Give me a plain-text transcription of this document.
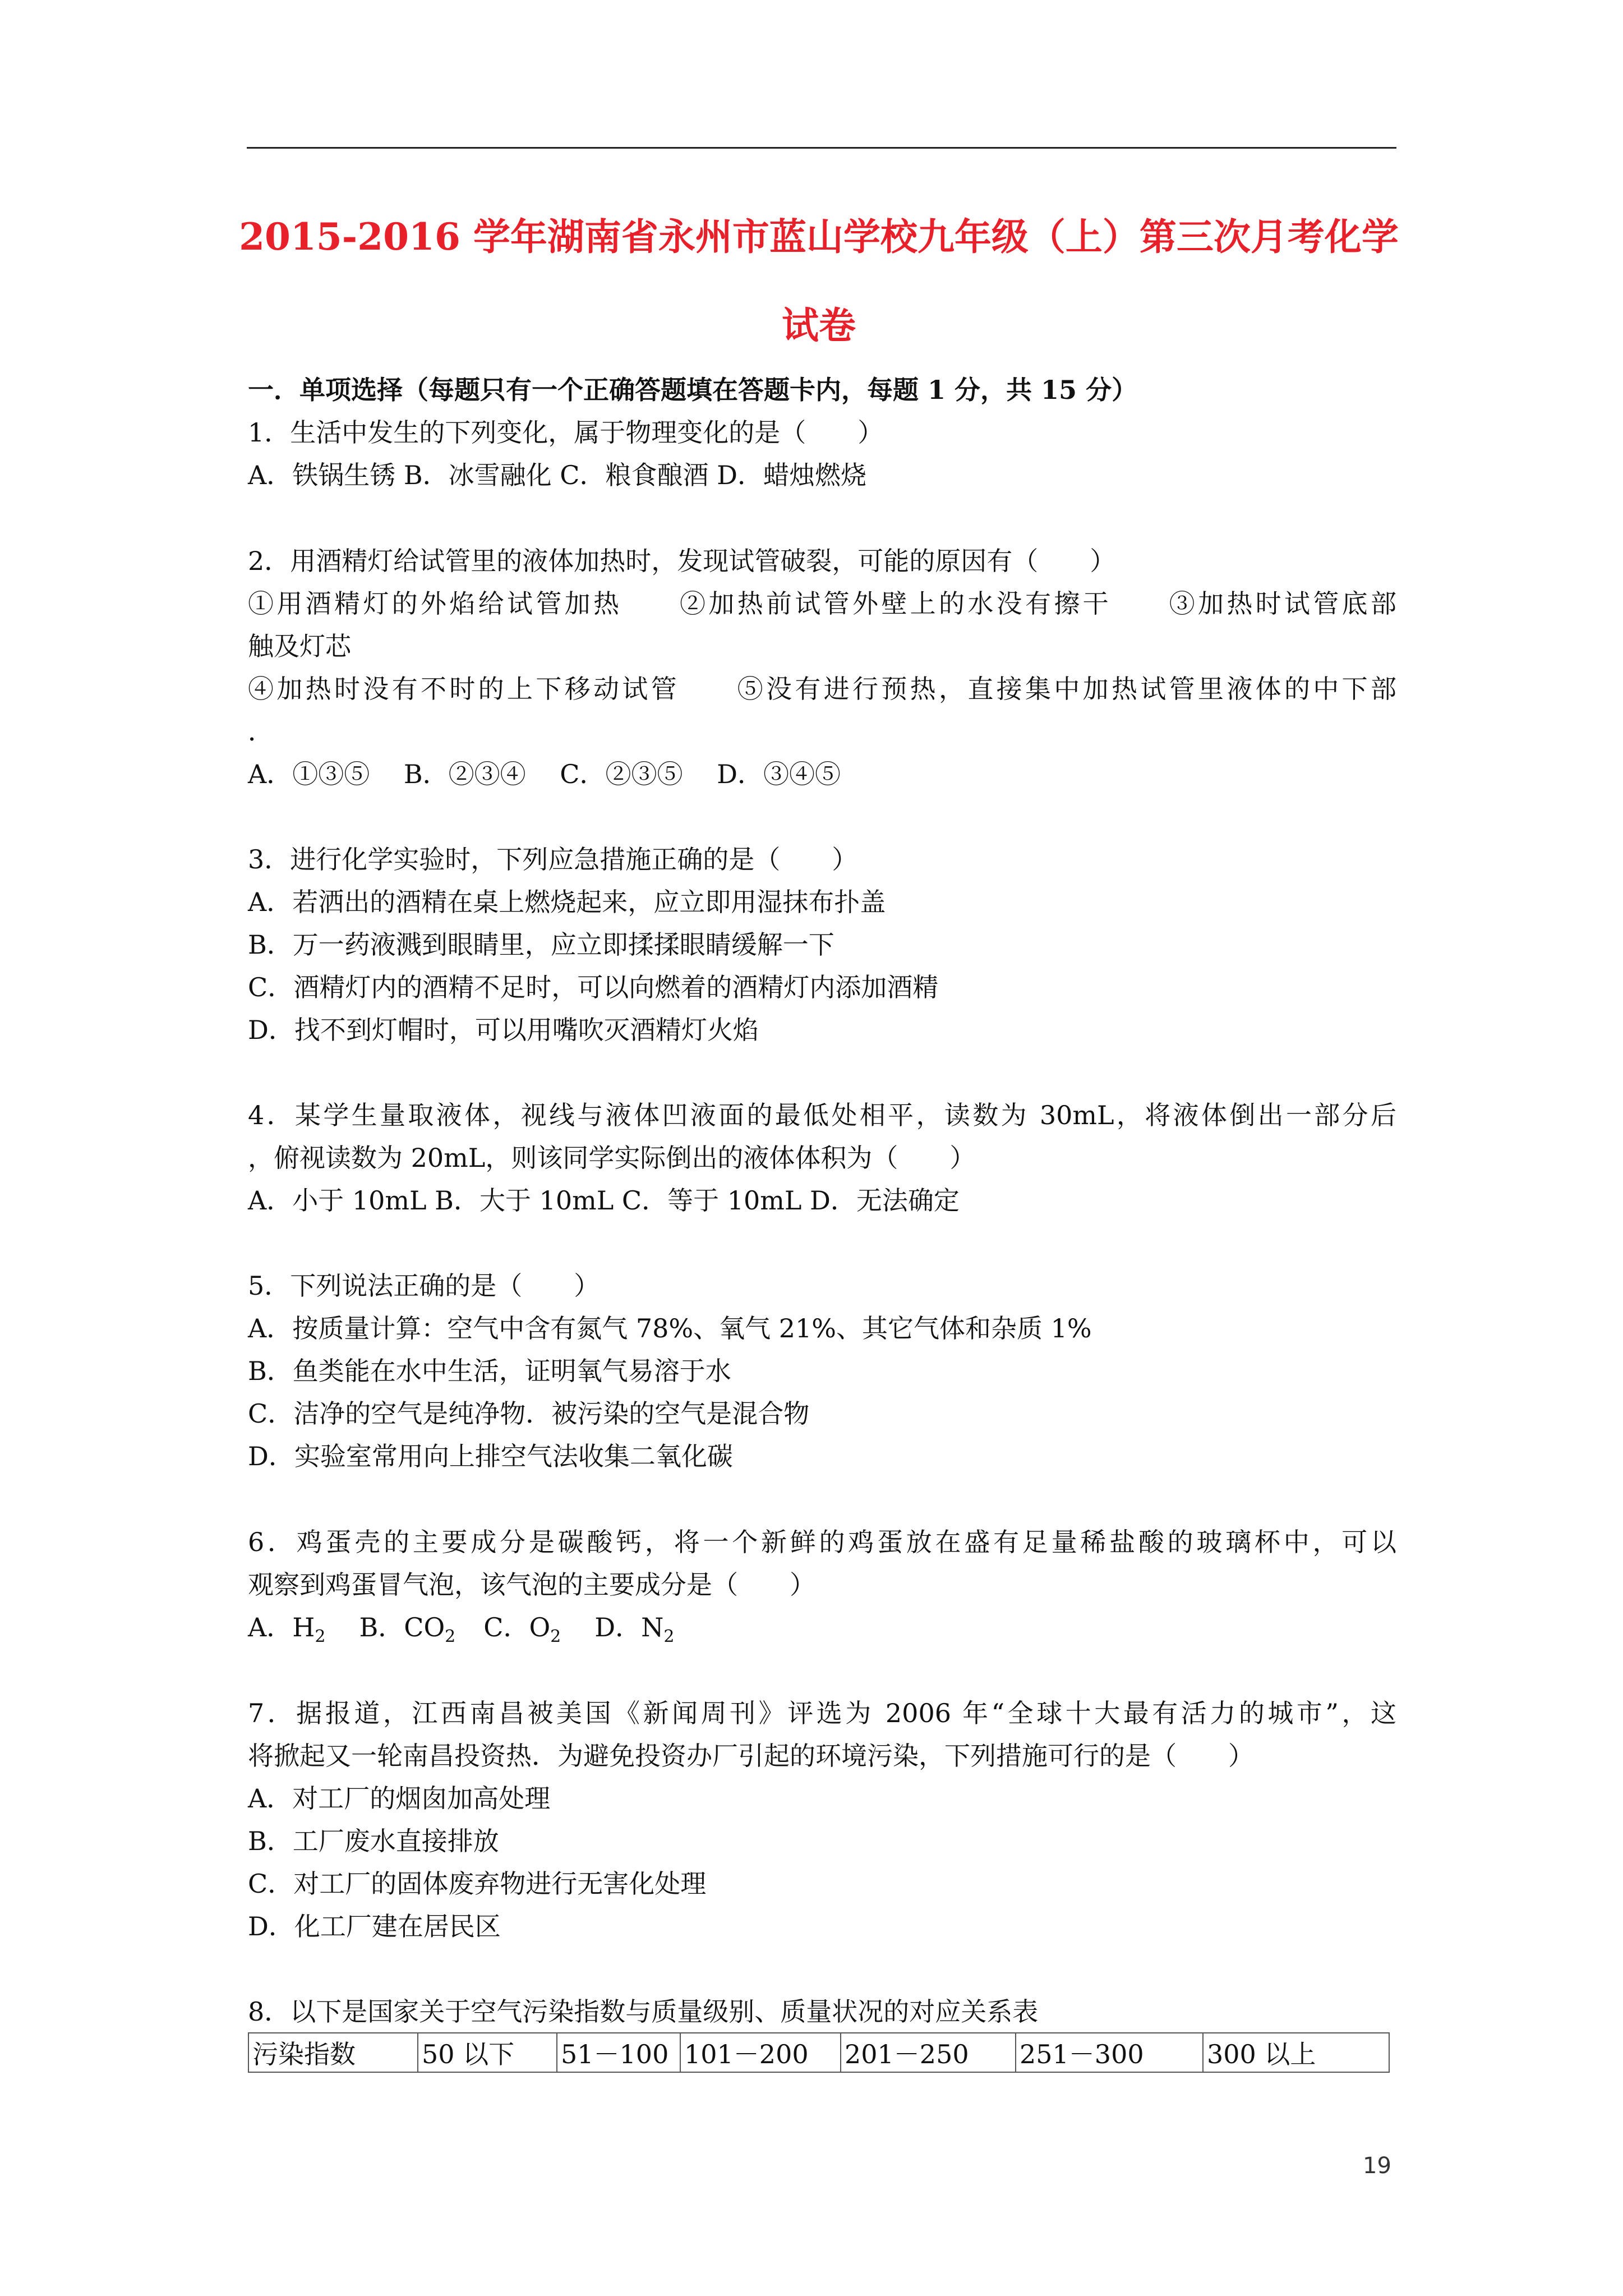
2015-2016 学年湖南省永州市蓝山学校九年级（上）第三次月考化学
试卷
一．单项选择（每题只有一个正确答题填在答题卡内，每题 1 分，共 15 分）
1．生活中发生的下列变化，属于物理变化的是（　　）
A．铁锅生锈 B．冰雪融化 C．粮食酿酒 D．蜡烛燃烧
2．用酒精灯给试管里的液体加热时，发现试管破裂，可能的原因有（　　）
①用酒精灯的外焰给试管加热　　②加热前试管外壁上的水没有擦干　　③加热时试管底部
触及灯芯
④加热时没有不时的上下移动试管　　⑤没有进行预热，直接集中加热试管里液体的中下部
．
A．①③⑤　 B．②③④　 C．②③⑤　 D．③④⑤
3．进行化学实验时，下列应急措施正确的是（　　）
A．若洒出的酒精在桌上燃烧起来，应立即用湿抹布扑盖
B．万一药液溅到眼睛里，应立即揉揉眼睛缓解一下
C．酒精灯内的酒精不足时，可以向燃着的酒精灯内添加酒精
D．找不到灯帽时，可以用嘴吹灭酒精灯火焰
4．某学生量取液体，视线与液体凹液面的最低处相平，读数为 30mL，将液体倒出一部分后
，俯视读数为 20mL，则该同学实际倒出的液体体积为（　　）
A．小于 10mL B．大于 10mL C．等于 10mL D．无法确定
5．下列说法正确的是（　　）
A．按质量计算：空气中含有氮气 78%、氧气 21%、其它气体和杂质 1%
B．鱼类能在水中生活，证明氧气易溶于水
C．洁净的空气是纯净物．被污染的空气是混合物
D．实验室常用向上排空气法收集二氧化碳
6．鸡蛋壳的主要成分是碳酸钙，将一个新鲜的鸡蛋放在盛有足量稀盐酸的玻璃杯中，可以
观察到鸡蛋冒气泡，该气泡的主要成分是（　　）
A．$H_2$ B．$CO_2$ C．$O_2$ D．$N_2$
7．据报道，江西南昌被美国《新闻周刊》评选为 2006 年“全球十大最有活力的城市”，这
将掀起又一轮南昌投资热．为避免投资办厂引起的环境污染，下列措施可行的是（　　）
A．对工厂的烟囱加高处理
B．工厂废水直接排放
C．对工厂的固体废弃物进行无害化处理
D．化工厂建在居民区
8．以下是国家关于空气污染指数与质量级别、质量状况的对应关系表
污染指数	50 以下	51－100	101－200	201－250	251－300	300 以上
19
